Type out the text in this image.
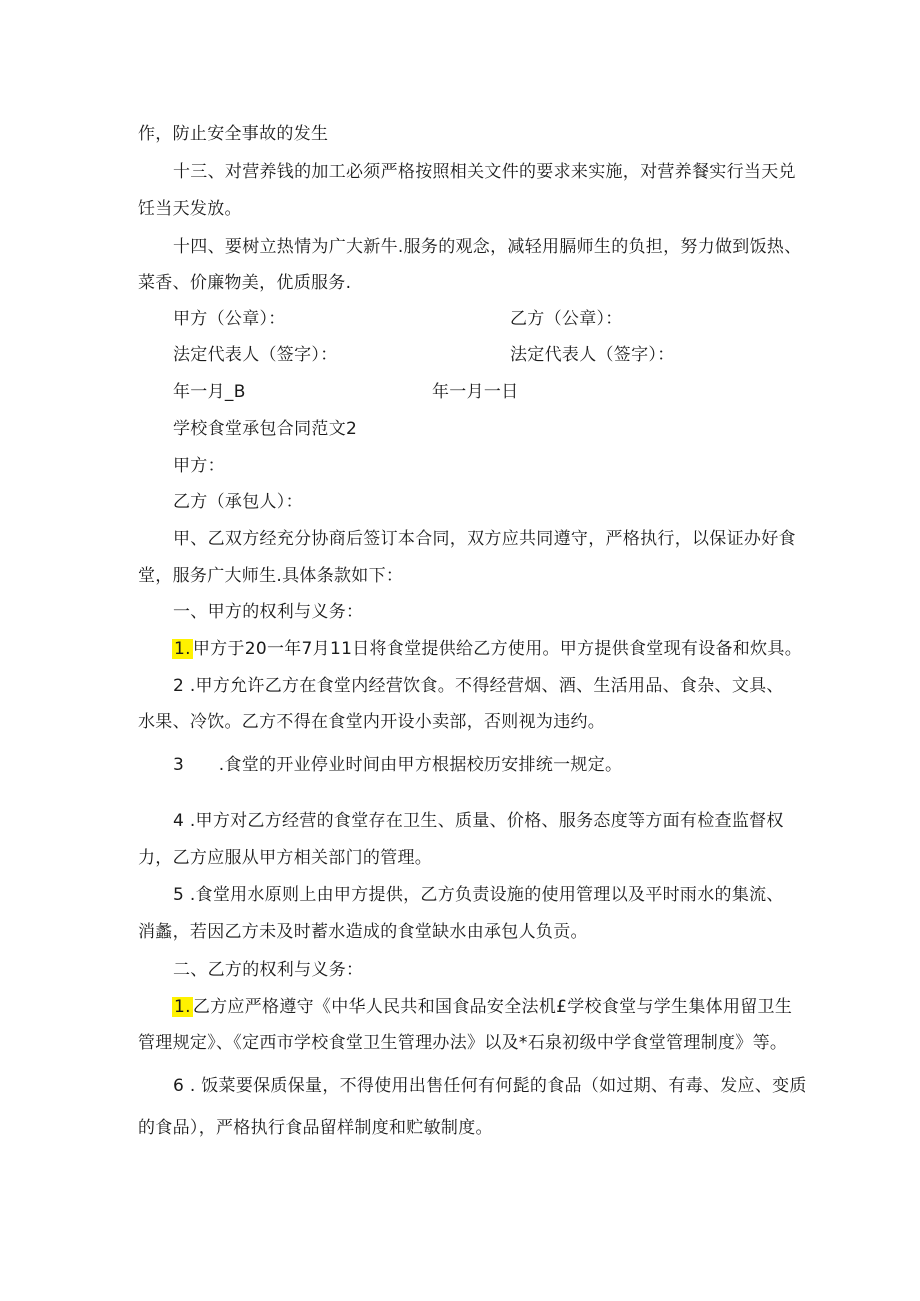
作，防止安全事故的发生
十三、对营养钱的加工必须严格按照相关文件的要求来实施，对营养餐实行当天兑
饪当天发放。
十四、要树立热情为广大新牛.服务的观念，减轻用膈师生的负担，努力做到饭热、
菜香、价廉物美，优质服务.
甲方（公章）：	乙方（公章）：
法定代表人（签字）：	法定代表人（签字）：
年一月_B	年一月一日
学校食堂承包合同范文2
甲方：
乙方（承包人）：
甲、乙双方经充分协商后签订本合同，双方应共同遵守，严格执行，以保证办好食
堂，服务广大师生.具体条款如下：
一、甲方的权利与义务：
1. 甲方于20一年7月11日将食堂提供给乙方使用。甲方提供食堂现有设备和炊具。
2 .甲方允许乙方在食堂内经营饮食。不得经营烟、酒、生活用品、食杂、文具、
水果、冷饮。乙方不得在食堂内开设小卖部，否则视为违约。
3　　.食堂的开业停业时间由甲方根据校历安排统一规定。
4 .甲方对乙方经营的食堂存在卫生、质量、价格、服务态度等方面有检查监督权
力，乙方应服从甲方相关部门的管理。
5 .食堂用水原则上由甲方提供，乙方负责设施的使用管理以及平时雨水的集流、
消蠡，若因乙方未及时蓄水造成的食堂缺水由承包人负贡。
二、乙方的权利与义务：
1. 乙方应严格遵守《中华人民共和国食品安全法机£学校食堂与学生集体用留卫生
管理规定》、《定西市学校食堂卫生管理办法》以及*石泉初级中学食堂管理制度》等。
6 . 饭菜要保质保量，不得使用出售任何有何髭的食品（如过期、有毒、发应、变质
的食品），严格执行食品留样制度和贮敏制度。
